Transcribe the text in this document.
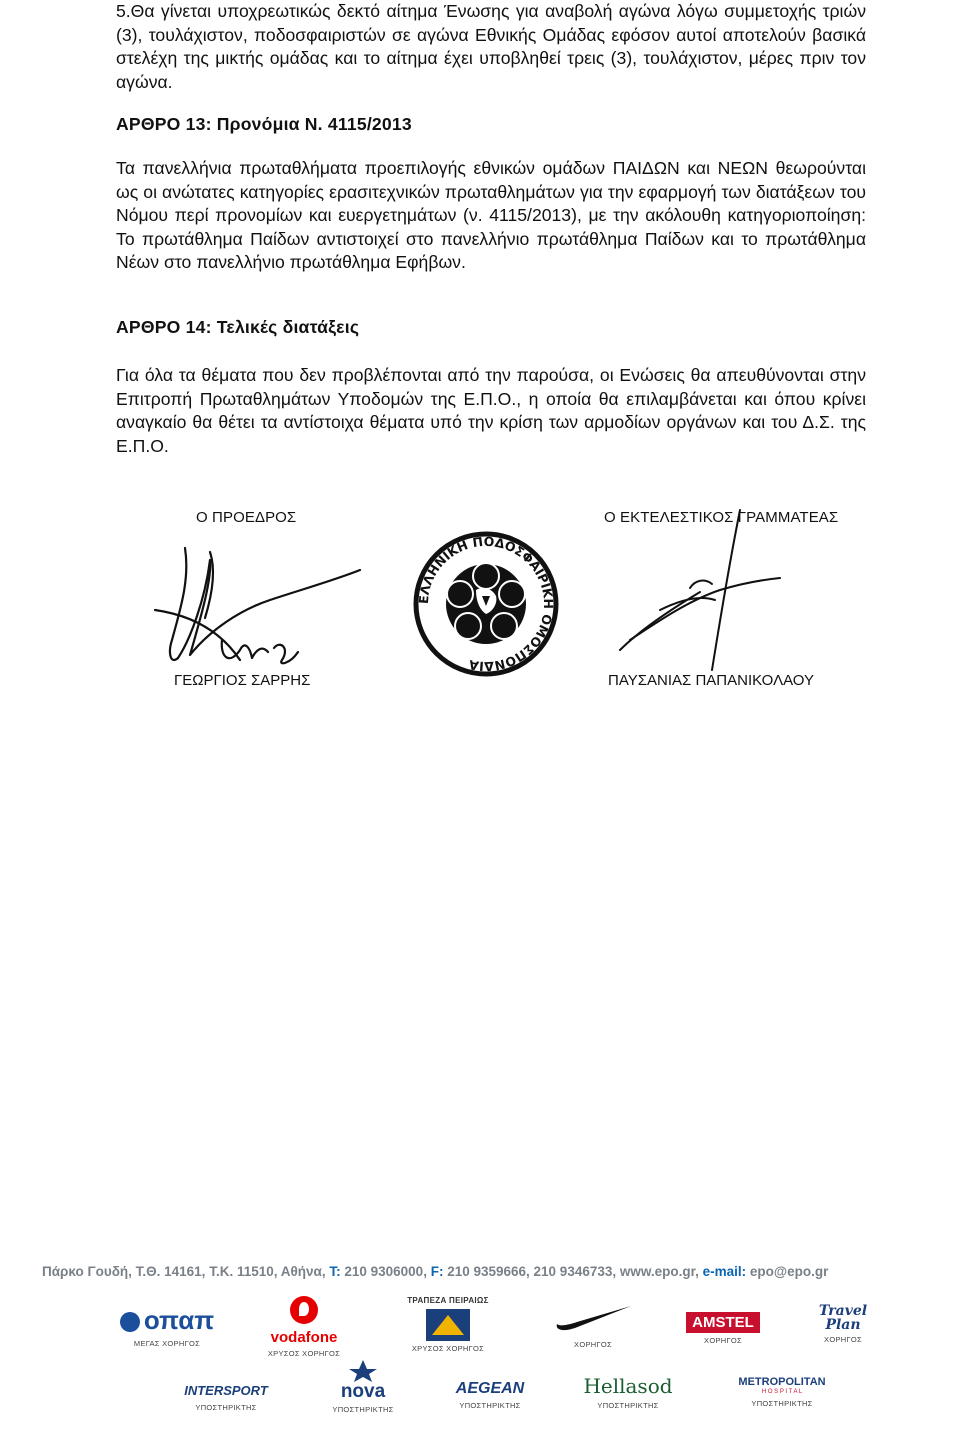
5.Θα γίνεται υποχρεωτικώς δεκτό αίτημα Ένωσης για αναβολή αγώνα λόγω συμμετοχής τριών (3), τουλάχιστον, ποδοσφαιριστών σε αγώνα Εθνικής Ομάδας εφόσον αυτοί αποτελούν βασικά στελέχη της μικτής ομάδας και το αίτημα έχει υποβληθεί τρεις (3), τουλάχιστον, μέρες πριν τον αγώνα.

ΑΡΘΡΟ 13: Προνόμια Ν. 4115/2013

Τα πανελλήνια πρωταθλήματα προεπιλογής εθνικών ομάδων ΠΑΙΔΩΝ και ΝΕΩΝ θεωρούνται ως οι ανώτατες κατηγορίες ερασιτεχνικών πρωταθλημάτων για την εφαρμογή των διατάξεων του Νόμου περί προνομίων και ευεργετημάτων (ν. 4115/2013), με την ακόλουθη κατηγοριοποίηση: Το πρωτάθλημα Παίδων αντιστοιχεί στο πανελλήνιο πρωτάθλημα Παίδων και το πρωτάθλημα Νέων στο πανελλήνιο πρωτάθλημα Εφήβων.

ΑΡΘΡΟ 14: Τελικές διατάξεις

Για όλα τα θέματα που δεν προβλέπονται από την παρούσα, οι Ενώσεις θα απευθύνονται στην Επιτροπή Πρωταθλημάτων Υποδομών της Ε.Π.Ο., η οποία θα επιλαμβάνεται και όπου κρίνει αναγκαίο θα θέτει τα αντίστοιχα θέματα υπό την κρίση των αρμοδίων οργάνων και του Δ.Σ. της Ε.Π.Ο.

Ο ΠΡΟΕΔΡΟΣ	Ο ΕΚΤΕΛΕΣΤΙΚΟΣ ΓΡΑΜΜΑΤΕΑΣ
ΕΛΛΗΝΙΚΗ ΠΟΔΟΣΦΑΙΡΙΚΗ ΟΜΟΣΠΟΝΔΙΑ
ΓΕΩΡΓΙΟΣ ΣΑΡΡΗΣ	ΠΑΥΣΑΝΙΑΣ ΠΑΠΑΝΙΚΟΛΑΟΥ
Πάρκο Γουδή, Τ.Θ. 14161, Τ.Κ. 11510, Αθήνα, T: 210 9306000, F: 210 9359666, 210 9346733, www.epo.gr, e-mail: epo@epo.gr
οπαπ
ΜΕΓΑΣ ΧΟΡΗΓΟΣ	vodafone
ΧΡΥΣΟΣ ΧΟΡΗΓΟΣ
ΤΡΑΠΕΖΑ ΠΕΙΡΑΙΩΣ
ΧΡΥΣΟΣ ΧΟΡΗΓΟΣ	ΧΟΡΗΓΟΣ
AMSTEL
ΧΟΡΗΓΟΣ
Travel
Plan
ΧΟΡΗΓΟΣ
INTERSPORT
ΥΠΟΣΤΗΡΙΚΤΗΣ
nova
ΥΠΟΣΤΗΡΙΚΤΗΣ
AEGEAN
ΥΠΟΣΤΗΡΙΚΤΗΣ
Hellasod
ΥΠΟΣΤΗΡΙΚΤΗΣ
METROPOLITAN
H O S P I T A L
ΥΠΟΣΤΗΡΙΚΤΗΣ
